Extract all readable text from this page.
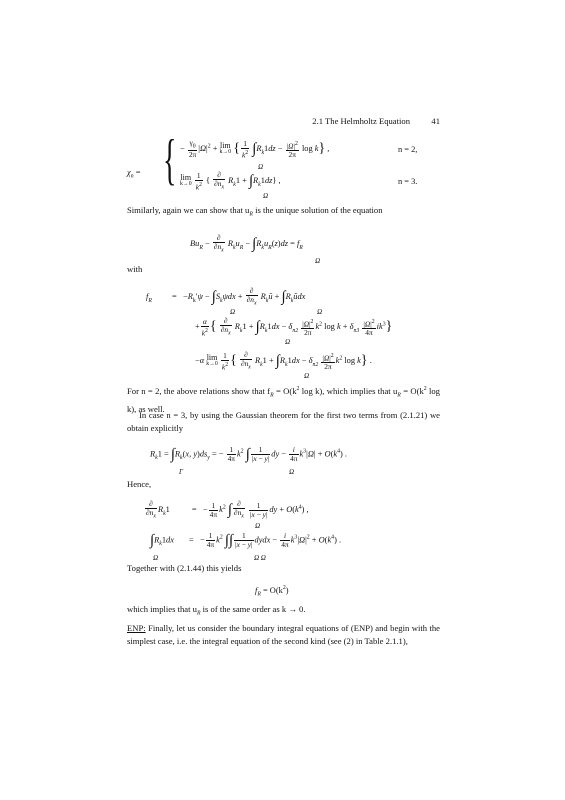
2.1 The Helmholtz Equation 41
$\chi_n$ = { − $\frac{\gamma_0}{2\pi} |\Omega|^2 + \lim$
k→0 { $\frac{1}{k^2} \int R_k1dz - \frac{|\Omega|^2}{2\pi}$ log k} ,
Ω
n = 2,
lim
k→0
$\frac{1}{k^2}$ { $\frac{\partial}{\partial n_x} R_k1 + \int R_k1dz$} ,
Ω
n = 3.
Similarly, again we can show that $u_R$ is the unique solution of the equation
$Bu_R - \frac{\partial}{\partial n_x} R_ku_R - \int R_ku_R(z)dz = f_R$
Ω
with
$f_R = -R_k'\psi - \int S_k\psi dx + \frac{\partial}{\partial n_x}$ $R_kũ$ + $\int R_kũdx$
Ω	Ω
+ $\frac{\alpha}{k^2}$ { $\frac{\partial}{\partial n_x} R_k1 + \int R_k1dx - \delta_{n2} \frac{|\Omega|^2}{2\pi} k^2$ $\log k + \delta_{n3} \frac{|\Omega|^2}{4\pi} ik^3$}
Ω
−α lim
k→0
$\frac{1}{k^2}$ { $\frac{\partial}{\partial n_x} R_k1 + \int R_k1dx - \delta_{n2} \frac{|\Omega|^2}{2\pi} k^2$ log k} .
Ω
For n = 2, the above relations show that $f_R = O(k^2$ log k), which implies that $u_R = O(k^2$ log k), as well.
In case n = 3, by using the Gaussian theorem for the first two terms from (2.1.21) we obtain explicitly
$R_k1 = \int R_k(x$, $y)ds_y$ = − $\frac{1}{4\pi} k^2$ ∫ $\frac{1}{|x - y|}$ dy − $\frac{i}{4\pi} k^3|\Omega| + O(k^4)$ .
Γ	Ω
Hence,
$\frac{\partial}{\partial n_x} R_k1$ =   − $\frac{1}{4\pi} k^2$ ∫ $\frac{\partial}{\partial n_x}$
$\frac{1}{|x - y|}$ dy + $O(k^4)$ ,
Ω
$\int R_k1dx$ =   − $\frac{1}{4\pi} k^2$ ∫∫ $\frac{1}{|x - y|}$ dydx − $\frac{i}{4\pi} k^3|\Omega|^2 + O(k^4)$ .
Ω	Ω Ω
Together with (2.1.44) this yields
$f_R = O(k^2)$
which implies that $u_R$ is of the same order as k → 0.
ENP: Finally, let us consider the boundary integral equations of (ENP) and begin with the simplest case, i.e. the integral equation of the second kind (see (2) in Table 2.1.1),
